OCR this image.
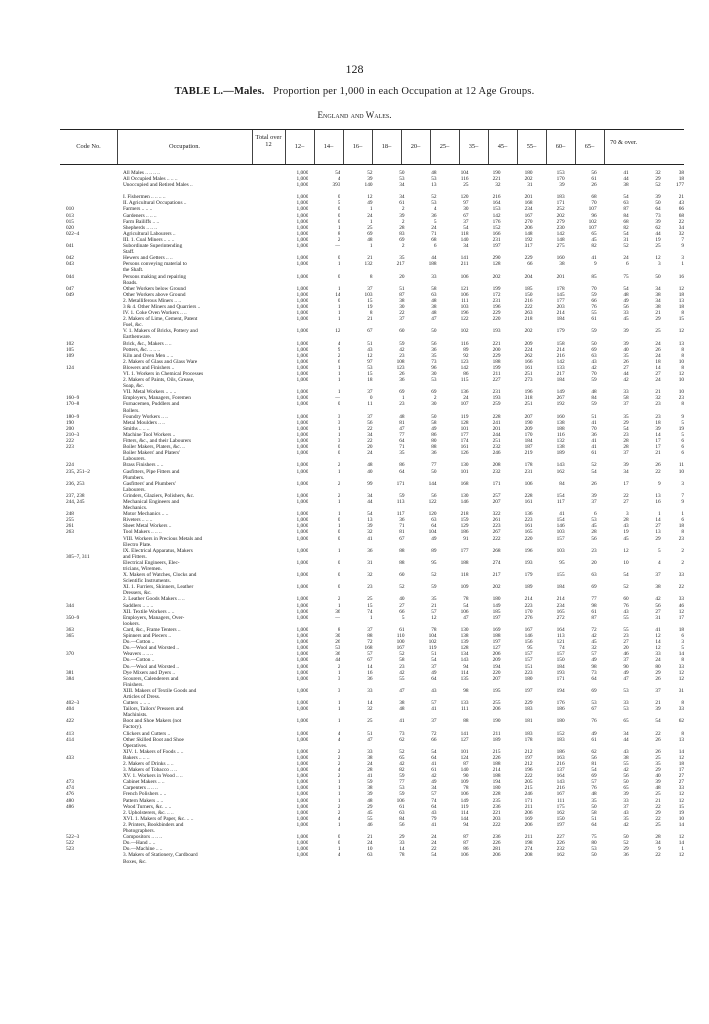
128
TABLE L.—Males. Proportion per 1,000 in each Occupation at 12 Age Groups.
England and Wales.
Code No.	Occupation.
Total over 12	12–	14–	16–	18–	20–	25–	35–	45–	55–	60–	65–
70 & over.
	All Males .. .. .. ..	1,000	54	52	50	48	104	190	180	153	56	41	32	38
	All Occupied Males .. .. ..	1,000	4	39	53	53	116	221	202	170	61	44	29	18
	Unoccupied and Retired Males ..	1,000	393	140	34	13	25	32	31	39	26	38	52	177

	I. Fishermen .. .. .. ..	1,000	0	12	34	52	120	216	201	183	68	54	39	21
	II. Agricultural Occupations ..	1,000	5	49	61	53	97	164	168	171	70	63	50	43
010	Farmers .. .. ..	1,000	0	1	2	4	30	153	234	252	107	87	64	66
013	Gardeners .. .. ..	1,000	0	24	39	36	67	142	167	202	96	84	73	68
015	Farm Bailiffs .. ..	1,000	0	1	2	5	37	176	270	279	102	68	39	22
020	Shepherds .. .. ..	1,000	1	25	28	24	54	152	206	230	107	82	62	34
022–4	Agricultural Labourers ..	1,000	8	69	83	71	118	166	148	142	65	54	44	32
	III. 1. Coal Miners .. .. ..	1,000	2	48	69	68	140	231	192	148	45	31	19	7
041	Subordinate Superintending	1,000	—	1	2	6	34	197	317	275	82	52	25	9
	Staff.													
042	Hewers and Getters .. ..	1,000	0	21	35	44	141	290	229	160	41	24	12	3
043	Persons conveying material to	1,000	1	132	217	188	211	128	66	38	9	6	3	1
	the Shaft.													
044	Persons making and repairing	1,000	0	8	20	33	106	202	204	201	85	75	50	16
	Roads.													
047	Other Workers below Ground	1,000	1	37	51	58	121	199	185	178	70	54	34	12
049	Other Workers above Ground	1,000	14	103	87	63	106	172	150	145	59	48	38	18
	2. Metalliferous Miners .. ..	1,000	0	15	38	48	111	231	216	177	66	49	34	13
	3 & 4. Other Miners and Quarriers ..	1,000	1	19	30	38	103	196	222	203	76	56	38	18
	IV. 1. Coke Oven Workers .. ..	1,000	1	8	22	48	196	229	263	214	55	33	21	8
	2. Makers of Lime, Cement, Patent	1,000	1	21	37	47	122	220	218	184	61	45	29	15
	Fuel, &c.													
	V. 1. Makers of Bricks, Pottery and	1,000	12	67	60	50	102	193	202	179	59	39	25	12
	Earthenware.													
102	Brick, &c., Makers .. ..	1,000	4	51	59	56	116	221	209	158	50	39	24	13
105	Potters, &c. .. .. ..	1,000	9	43	42	36	89	200	224	214	69	40	26	8
109	Kiln and Oven Men .. ..	1,000	2	12	23	35	92	229	262	216	63	35	24	8
	2. Makers of Glass and Glass Ware	1,000	6	97	108	73	123	188	166	142	43	26	18	10
124	Blowers and Finishers ..	1,000	1	53	123	96	142	199	161	133	42	27	14	8
	VI. 1. Workers in Chemical Processes	1,000	1	15	26	30	86	211	251	217	70	44	27	12
	2. Makers of Paints, Oils, Grease,	1,000	1	18	36	53	115	227	273	184	59	42	24	10
	Soap, &c.													
	VII. Metal Workers .. .. ..	1,000	1	37	69	69	136	231	196	149	48	33	21	10
160–9	Employers, Managers, Foremen	1,000	—	0	1	2	24	193	318	267	84	58	32	23
170–8	Furnacemen, Puddlers and	1,000	0	11	23	30	107	259	251	192	59	37	23	8
	Rollers.													
180–9	Foundry Workers .. ..	1,000	3	37	48	50	119	228	207	160	51	35	23	9
190	Metal Moulders .. ..	1,000	3	56	81	58	128	241	190	138	41	29	18	5
200	Smiths .. .. ..	1,000	1	22	47	49	101	201	209	188	70	54	39	19
210–3	Machine Tool Workers ..	1,000	1	34	77	86	177	244	170	116	36	23	14	5
222	Fitters, &c., and their Labourers	1,000	3	22	64	80	174	251	184	132	41	28	17	6
223	Boiler Makers, Platers, &c. ..	1,000	0	20	71	88	161	232	187	138	41	28	17	6
	Boiler Makers' and Platers'	1,000	0	24	35	36	126	246	219	189	61	37	21	6
	Labourers.													
224	Brass Finishers .. ..	1,000	2	48	86	77	130	208	178	143	52	39	26	11
235, 251–2	Gasfitters, Pipe Fitters and	1,000	1	40	64	50	101	232	231	162	54	34	22	10
	Plumbers.													
236, 253	Gasfitters' and Plumbers'	1,000	2	99	171	144	168	171	106	84	26	17	9	3
	Labourers.													
237, 238	Grinders, Glaziers, Polishers, &c.	1,000	2	34	59	56	130	257	228	154	39	22	13	7
244, 245	Mechanical Engineers and	1,000	1	44	113	122	146	207	161	117	37	27	16	9
	Mechanics.													
248	Motor Mechanics .. ..	1,000	1	54	117	120	218	322	136	41	6	3	1	1
255	Riveters .. .. ..	1,000	0	13	36	63	159	261	223	154	53	28	14	6
261	Sheet Metal Workers ..	1,000	1	39	71	64	129	223	161	146	45	43	27	18
263	Tool Makers .. .. ..	1,000	0	32	81	104	186	267	165	103	28	19	13	8
	VIII. Workers in Precious Metals and	1,000	0	41	67	49	91	222	220	157	56	45	29	23
	Electro Plate.													
	IX. Electrical Apparatus, Makers	1,000	1	36	88	89	177	268	196	103	23	12	5	2
305–7, 311	and Fitters.													
	Electrical Engineers, Elec-	1,000	0	31	88	95	188	274	193	95	20	10	4	2
	tricians, Wiremen.													
	X. Makers of Watches, Clocks and	1,000	0	32	60	52	118	217	179	155	63	54	37	33
	Scientific Instruments.													
	XI. 1. Furriers, Skinners, Leather	1,000	0	23	52	59	109	202	189	184	69	52	38	22
	Dressers, &c.													
	2. Leather Goods Makers .. ..	1,000	2	25	40	35	78	180	214	214	77	60	42	33
344	Saddlers .. .. ..	1,000	1	15	27	21	54	149	223	234	98	76	56	46
	XII. Textile Workers .. ..	1,000	36	74	66	57	106	185	170	165	61	43	27	12
350–9	Employers, Managers, Over-	1,000	—	1	5	12	47	197	276	272	87	55	31	17
	lookers.													
363	Card, &c., Frame Tenters ..	1,000	8	37	61	78	130	169	167	164	72	55	41	18
365	Spinners and Piecers ..	1,000	30	88	110	104	138	188	146	113	42	23	12	6
	Do.—Cotton ..	1,000	26	72	100	102	139	197	156	121	45	27	14	3
	Do.—Wool and Worsted ..	1,000	53	168	167	119	128	127	95	74	32	20	12	5
370	Weavers .. .. ..	1,000	36	57	52	51	134	206	157	157	57	46	33	14
	Do.—Cotton ..	1,000	44	67	58	54	143	209	157	150	49	37	24	8
	Do.—Wool and Worsted ..	1,000	2	14	23	37	94	194	151	184	98	90	80	33
381	Dye Mixers and Dyers ..	1,000	1	16	42	49	114	220	223	193	73	49	29	12
384	Scourers, Calenderers and	1,000	3	36	55	64	135	207	180	171	64	47	26	12
	Finishers.													
	XIII. Makers of Textile Goods and	1,000	3	33	47	43	98	195	197	194	69	53	37	31
	Articles of Dress.													
402–3	Cutters .. .. ..	1,000	1	14	38	57	133	255	229	176	53	33	21	8
404	Tailors, Tailors' Pressers and	1,000	1	32	48	41	111	206	183	186	67	53	39	33
	Machinists.													
422	Boot and Shoe Makers (not	1,000	1	25	41	37	88	190	181	180	76	65	54	62
	Factory).													
413	Clickers and Cutters ..	1,000	4	51	73	72	141	211	183	152	49	34	22	8
414	Other Skilled Boot and Shoe	1,000	4	47	62	66	127	189	178	183	61	44	26	13
	Operatives.													
	XIV. 1. Makers of Foods .. ..	1,000	2	33	52	54	101	215	212	186	62	43	26	14
433	Bakers .. .. ..	1,000	2	38	65	64	124	226	197	163	56	38	25	12
	2. Makers of Drinks .. ..	1,000	2	24	42	41	87	188	212	216	81	55	35	18
	3. Makers of Tobacco .. ..	1,000	4	28	82	61	140	214	196	137	54	42	29	17
	XV. 1. Workers in Wood .. ..	1,000	2	41	59	42	90	188	222	164	69	56	40	27
473	Cabinet Makers .. ..	1,000	1	59	77	49	109	194	205	143	57	50	39	27
474	Carpenters .. .. ..	1,000	1	38	53	34	78	180	215	216	76	65	48	33
476	French Polishers .. ..	1,000	1	39	59	57	106	228	246	167	48	39	25	12
480	Pattern Makers .. ..	1,000	1	48	106	74	149	235	171	111	35	33	21	12
486	Wood Turners, &c. .. ..	1,000	2	29	61	64	119	236	211	175	50	37	22	15
	2. Upholsterers, &c. .. ..	1,000	2	45	63	43	114	221	206	162	58	43	29	19
	XVI. 1. Makers of Paper, &c. .. ..	1,000	4	55	84	79	144	203	169	150	51	35	22	10
	2. Printers, Bookbinders and	1,000	1	46	56	41	94	222	206	197	64	42	25	14
	Photographers.													
522–3	Compositors .. .. ..	1,000	0	21	29	24	87	236	211	227	75	50	28	12
522	Do.—Hand .. ..	1,000	0	24	33	24	87	226	198	226	80	52	34	14
523	Do.—Machine .. ..	1,000	1	10	14	22	86	281	274	232	53	29	9	1
	3. Makers of Stationery, Cardboard	1,000	4	63	78	54	106	206	208	162	50	36	22	12
	Boxes, &c.													
